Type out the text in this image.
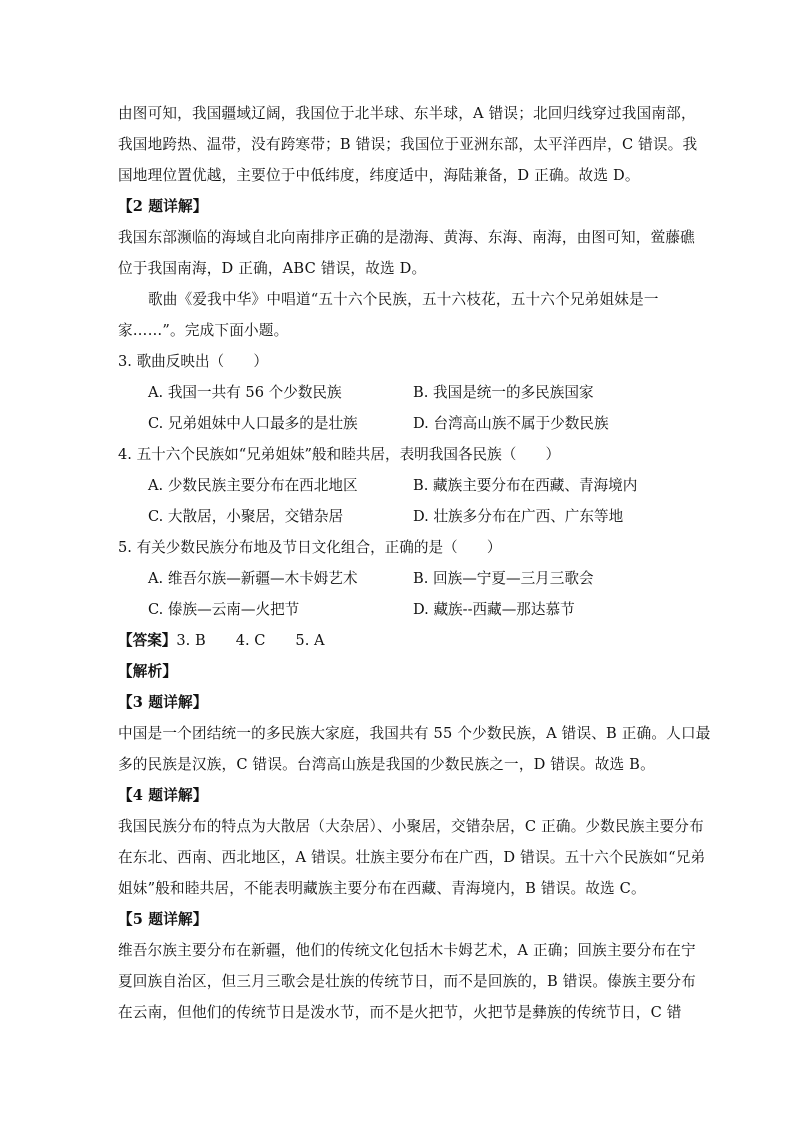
由图可知，我国疆域辽阔，我国位于北半球、东半球，A 错误；北回归线穿过我国南部，
我国地跨热、温带，没有跨寒带；B 错误；我国位于亚洲东部，太平洋西岸，C 错误。我
国地理位置优越，主要位于中低纬度，纬度适中，海陆兼备，D 正确。故选 D。
【2 题详解】
我国东部濒临的海域自北向南排序正确的是渤海、黄海、东海、南海，由图可知，鲎藤礁
位于我国南海，D 正确，ABC 错误，故选 D。
歌曲《爱我中华》中唱道“五十六个民族，五十六枝花，五十六个兄弟姐妹是一
家……”。完成下面小题。
3. 歌曲反映出（　　）
A. 我国一共有 56 个少数民族	B. 我国是统一的多民族国家
C. 兄弟姐妹中人口最多的是壮族	D. 台湾高山族不属于少数民族
4. 五十六个民族如“兄弟姐妹”般和睦共居，表明我国各民族（　　）
A. 少数民族主要分布在西北地区	B. 藏族主要分布在西藏、青海境内
C. 大散居，小聚居，交错杂居	D. 壮族多分布在广西、广东等地
5. 有关少数民族分布地及节日文化组合，正确的是（　　）
A. 维吾尔族—新疆—木卡姆艺术	B. 回族—宁夏—三月三歌会
C. 傣族—云南—火把节	D. 藏族--西藏—那达慕节
【答案】3. B 4. C 5. A
【解析】
【3 题详解】
中国是一个团结统一的多民族大家庭，我国共有 55 个少数民族，A 错误、B 正确。人口最
多的民族是汉族，C 错误。台湾高山族是我国的少数民族之一，D 错误。故选 B。
【4 题详解】
我国民族分布的特点为大散居（大杂居）、小聚居，交错杂居，C 正确。少数民族主要分布
在东北、西南、西北地区，A 错误。壮族主要分布在广西，D 错误。五十六个民族如“兄弟
姐妹”般和睦共居，不能表明藏族主要分布在西藏、青海境内，B 错误。故选 C。
【5 题详解】
维吾尔族主要分布在新疆，他们的传统文化包括木卡姆艺术，A 正确；回族主要分布在宁
夏回族自治区，但三月三歌会是壮族的传统节日，而不是回族的，B 错误。傣族主要分布
在云南，但他们的传统节日是泼水节，而不是火把节，火把节是彝族的传统节日，C 错
